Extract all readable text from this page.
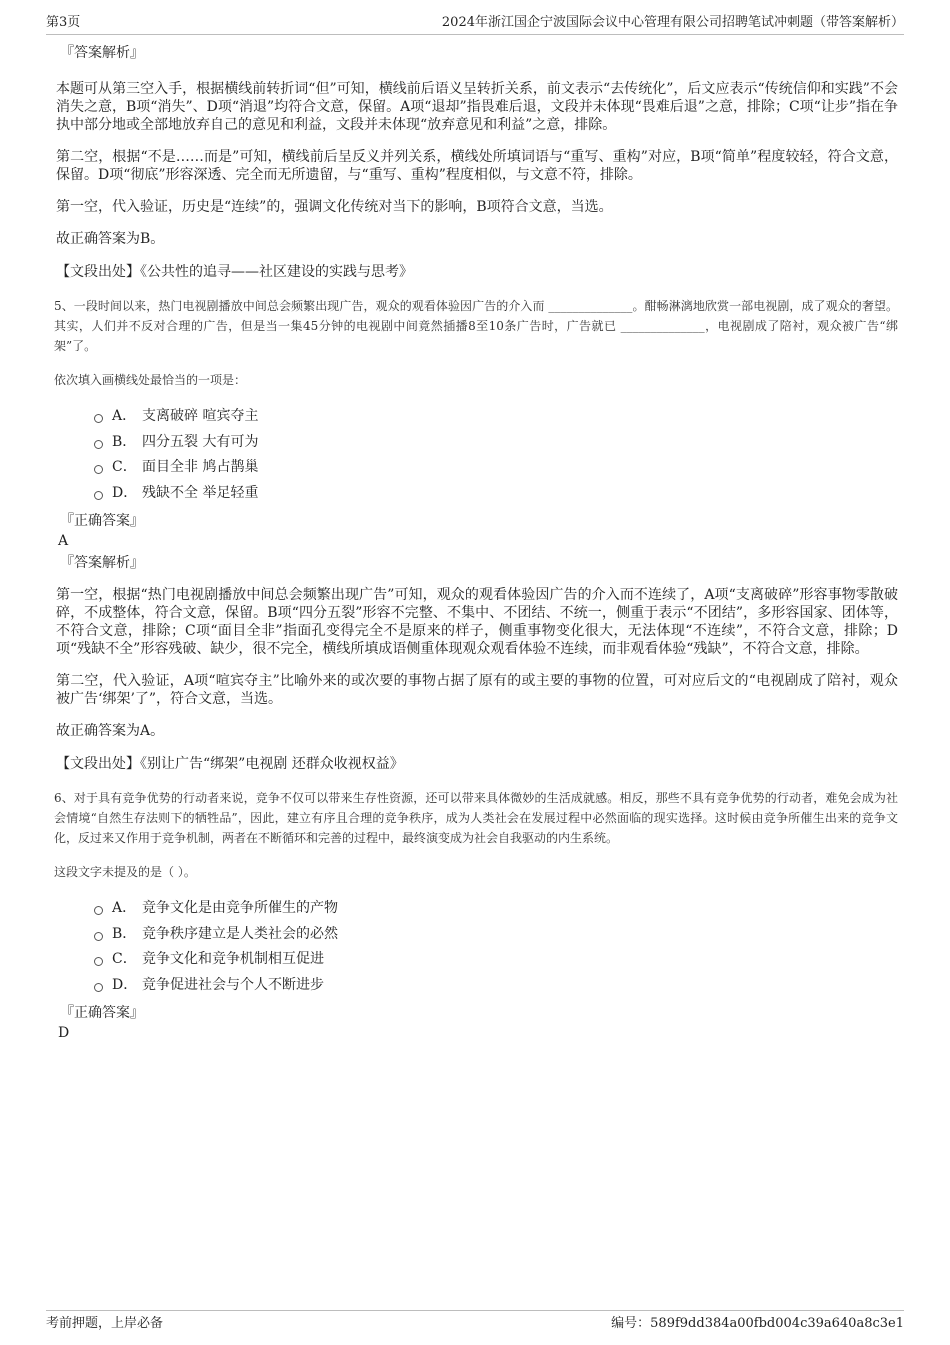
第3页	2024年浙江国企宁波国际会议中心管理有限公司招聘笔试冲刺题（带答案解析）

『答案解析』

本题可从第三空入手，根据横线前转折词“但”可知，横线前后语义呈转折关系，前文表示“去传统化”，后文应表示“传统信仰和实践”不会消失之意，B项“消失”、D项“消退”均符合文意，保留。A项“退却”指畏难后退，文段并未体现“畏难后退”之意，排除；C项“让步”指在争执中部分地或全部地放弃自己的意见和利益，文段并未体现“放弃意见和利益”之意，排除。

第二空，根据“不是……而是”可知，横线前后呈反义并列关系，横线处所填词语与“重写、重构”对应，B项“简单”程度较轻，符合文意，保留。D项“彻底”形容深透、完全而无所遗留，与“重写、重构”程度相似，与文意不符，排除。

第一空，代入验证，历史是“连续”的，强调文化传统对当下的影响，B项符合文意，当选。

故正确答案为B。

【文段出处】《公共性的追寻——社区建设的实践与思考》

5、一段时间以来，热门电视剧播放中间总会频繁出现广告，观众的观看体验因广告的介入而 ______________。酣畅淋漓地欣赏一部电视剧，成了观众的奢望。其实，人们并不反对合理的广告，但是当一集45分钟的电视剧中间竟然插播8至10条广告时，广告就已 ______________，电视剧成了陪衬，观众被广告“绑架”了。

依次填入画横线处最恰当的一项是：

A． 支离破碎 喧宾夺主
B． 四分五裂 大有可为
C． 面目全非 鸠占鹊巢
D． 残缺不全 举足轻重

『正确答案』

A

『答案解析』

第一空，根据“热门电视剧播放中间总会频繁出现广告”可知，观众的观看体验因广告的介入而不连续了，A项“支离破碎”形容事物零散破碎，不成整体，符合文意，保留。B项“四分五裂”形容不完整、不集中、不团结、不统一，侧重于表示“不团结”，多形容国家、团体等，不符合文意，排除；C项“面目全非”指面孔变得完全不是原来的样子，侧重事物变化很大，无法体现“不连续”，不符合文意，排除；D项“残缺不全”形容残破、缺少，很不完全，横线所填成语侧重体现观众观看体验不连续，而非观看体验“残缺”，不符合文意，排除。

第二空，代入验证，A项“喧宾夺主”比喻外来的或次要的事物占据了原有的或主要的事物的位置，可对应后文的“电视剧成了陪衬，观众被广告‘绑架’了”，符合文意，当选。

故正确答案为A。

【文段出处】《别让广告“绑架”电视剧 还群众收视权益》

6、对于具有竞争优势的行动者来说，竞争不仅可以带来生存性资源，还可以带来具体微妙的生活成就感。相反，那些不具有竞争优势的行动者，难免会成为社会情境“自然生存法则下的牺牲品”，因此，建立有序且合理的竞争秩序，成为人类社会在发展过程中必然面临的现实选择。这时候由竞争所催生出来的竞争文化，反过来又作用于竞争机制，两者在不断循环和完善的过程中，最终演变成为社会自我驱动的内生系统。

这段文字未提及的是（ ）。

A． 竞争文化是由竞争所催生的产物
B． 竞争秩序建立是人类社会的必然
C． 竞争文化和竞争机制相互促进
D． 竞争促进社会与个人不断进步

『正确答案』

D

考前押题，上岸必备	编号：589f9dd384a00fbd004c39a640a8c3e1
